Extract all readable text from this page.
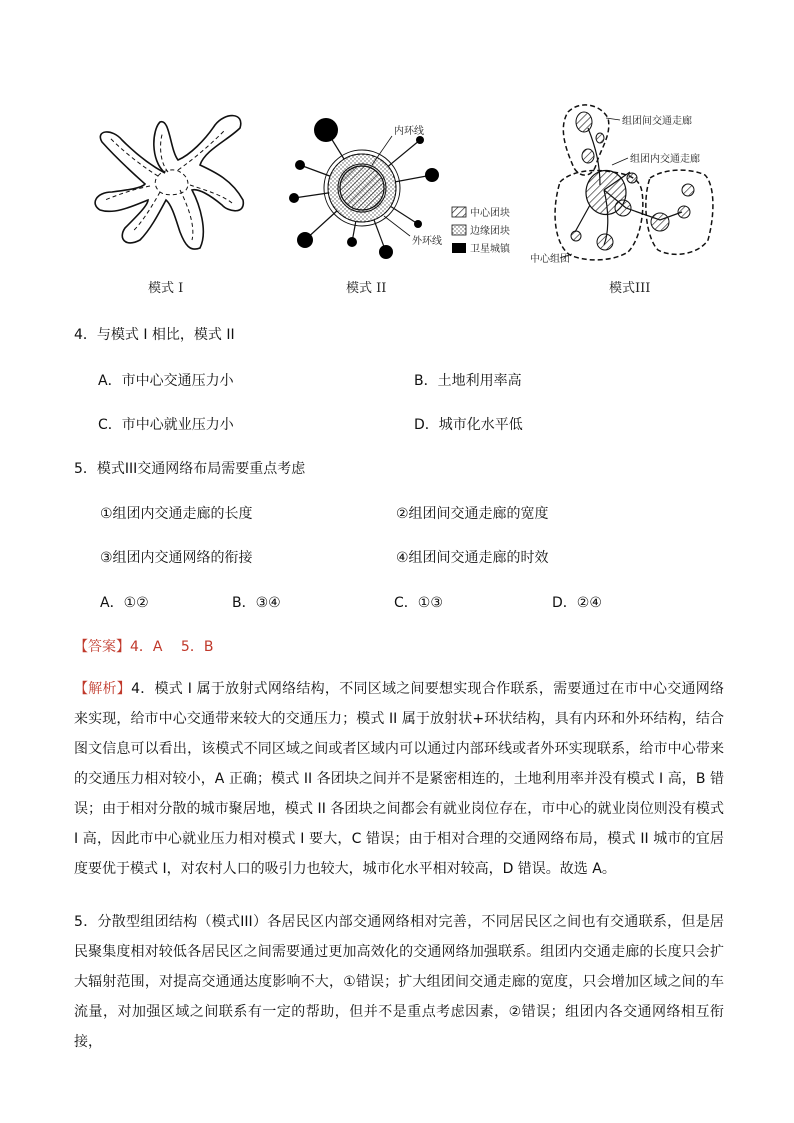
模式 I
内环线
外环线
模式 II
中心团块
边缘团块
卫星城镇
组团间交通走廊
组团内交通走廊
中心组团
模式III
4．与模式 I 相比，模式 II
A．市中心交通压力小	B．土地利用率高
C．市中心就业压力小	D．城市化水平低
5．模式III交通网络布局需要重点考虑
①组团内交通走廊的长度	②组团间交通走廊的宽度
③组团内交通网络的衔接	④组团间交通走廊的时效
A．①②	B．③④	C．①③	D．②④
【答案】4．A　 5．B
【解析】4．模式 I 属于放射式网络结构，不同区域之间要想实现合作联系，需要通过在市中心交通网络来实现，给市中心交通带来较大的交通压力；模式 II 属于放射状+环状结构，具有内环和外环结构，结合图文信息可以看出，该模式不同区域之间或者区域内可以通过内部环线或者外环实现联系，给市中心带来的交通压力相对较小，A 正确；模式 II 各团块之间并不是紧密相连的，土地利用率并没有模式 I 高，B 错误；由于相对分散的城市聚居地，模式 II 各团块之间都会有就业岗位存在，市中心的就业岗位则没有模式 I 高，因此市中心就业压力相对模式 I 要大，C 错误；由于相对合理的交通网络布局，模式 II 城市的宜居度要优于模式 I，对农村人口的吸引力也较大，城市化水平相对较高，D 错误。故选 A。
5．分散型组团结构（模式III）各居民区内部交通网络相对完善，不同居民区之间也有交通联系，但是居民聚集度相对较低各居民区之间需要通过更加高效化的交通网络加强联系。组团内交通走廊的长度只会扩大辐射范围，对提高交通通达度影响不大，①错误；扩大组团间交通走廊的宽度，只会增加区域之间的车流量，对加强区域之间联系有一定的帮助，但并不是重点考虑因素，②错误；组团内各交通网络相互衔接，
